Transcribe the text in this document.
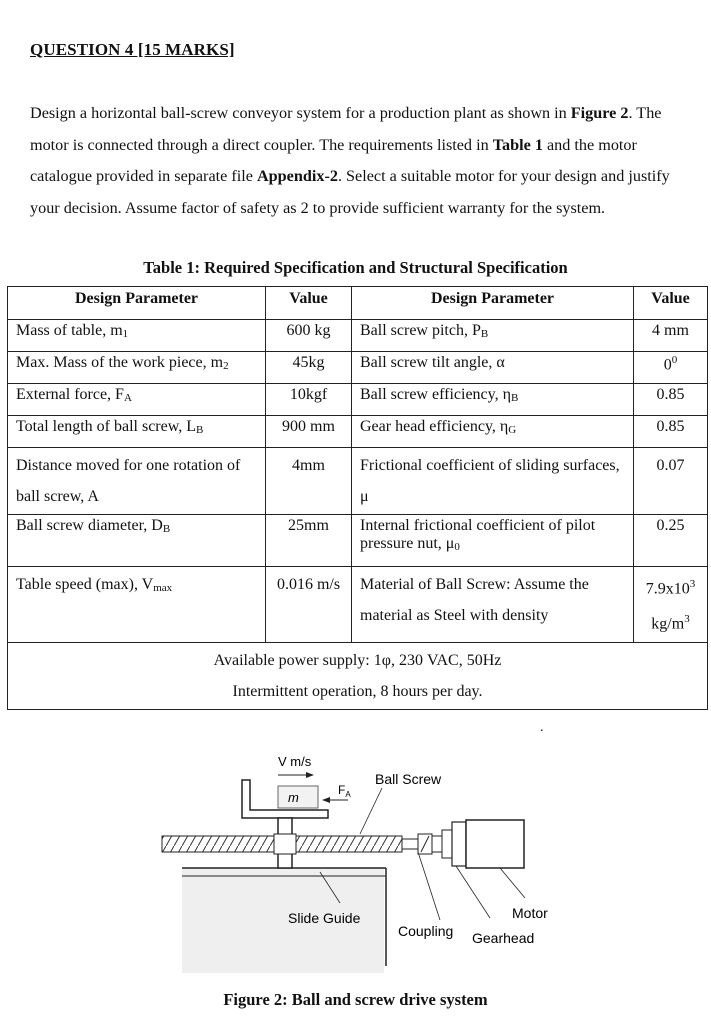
QUESTION 4 [15 MARKS]
Design a horizontal ball-screw conveyor system for a production plant as shown in Figure 2. The motor is connected through a direct coupler. The requirements listed in Table 1 and the motor catalogue provided in separate file Appendix-2. Select a suitable motor for your design and justify your decision. Assume factor of safety as 2 to provide sufficient warranty for the system.
Table 1: Required Specification and Structural Specification
Design Parameter	Value	Design Parameter	Value
Mass of table, $m_1$	600 kg	Ball screw pitch, $P_B$	4 mm
Max. Mass of the work piece, $m_2$	45kg	Ball screw tilt angle, α	$0^0$
External force, $F_A$	10kgf	Ball screw efficiency, $\eta_B$	0.85
Total length of ball screw, $L_B$	900 mm	Gear head efficiency, $\eta_G$	0.85
Distance moved for one rotation of ball screw, A	4mm	Frictional coefficient of sliding surfaces, μ	0.07
Ball screw diameter, $D_B$	25mm	Internal frictional coefficient of pilot pressure nut, $\mu_0$	0.25
Table speed (max), $V_{max}$	0.016 m/s	Material of Ball Screw: Assume the material as Steel with density	$7.9x10^3$
$kg/m^3$

Available power supply: 1φ, 230 VAC, 50Hz
Intermittent operation, 8 hours per day.			
.
m
V m/s
$F_A$
Ball Screw
Slide Guide
Coupling
Motor
Gearhead
Figure 2: Ball and screw drive system
